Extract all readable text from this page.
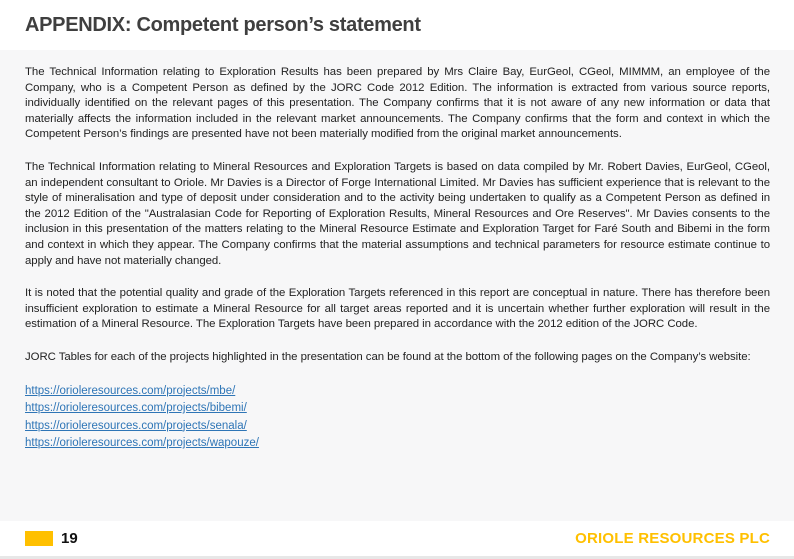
APPENDIX: Competent person’s statement

The Technical Information relating to Exploration Results has been prepared by Mrs Claire Bay, EurGeol, CGeol, MIMMM, an employee of the Company, who is a Competent Person as defined by the JORC Code 2012 Edition. The information is extracted from various source reports, individually identified on the relevant pages of this presentation. The Company confirms that it is not aware of any new information or data that materially affects the information included in the relevant market announcements. The Company confirms that the form and context in which the Competent Person’s findings are presented have not been materially modified from the original market announcements.

The Technical Information relating to Mineral Resources and Exploration Targets is based on data compiled by Mr. Robert Davies, EurGeol, CGeol, an independent consultant to Oriole. Mr Davies is a Director of Forge International Limited. Mr Davies has sufficient experience that is relevant to the style of mineralisation and type of deposit under consideration and to the activity being undertaken to qualify as a Competent Person as defined in the 2012 Edition of the "Australasian Code for Reporting of Exploration Results, Mineral Resources and Ore Reserves". Mr Davies consents to the inclusion in this presentation of the matters relating to the Mineral Resource Estimate and Exploration Target for Faré South and Bibemi in the form and context in which they appear. The Company confirms that the material assumptions and technical parameters for resource estimate continue to apply and have not materially changed.

It is noted that the potential quality and grade of the Exploration Targets referenced in this report are conceptual in nature. There has therefore been insufficient exploration to estimate a Mineral Resource for all target areas reported and it is uncertain whether further exploration will result in the estimation of a Mineral Resource. The Exploration Targets have been prepared in accordance with the 2012 edition of the JORC Code.

JORC Tables for each of the projects highlighted in the presentation can be found at the bottom of the following pages on the Company’s website:

https://orioleresources.com/projects/mbe/
https://orioleresources.com/projects/bibemi/
https://orioleresources.com/projects/senala/
https://orioleresources.com/projects/wapouze/
19	ORIOLE RESOURCES PLC
